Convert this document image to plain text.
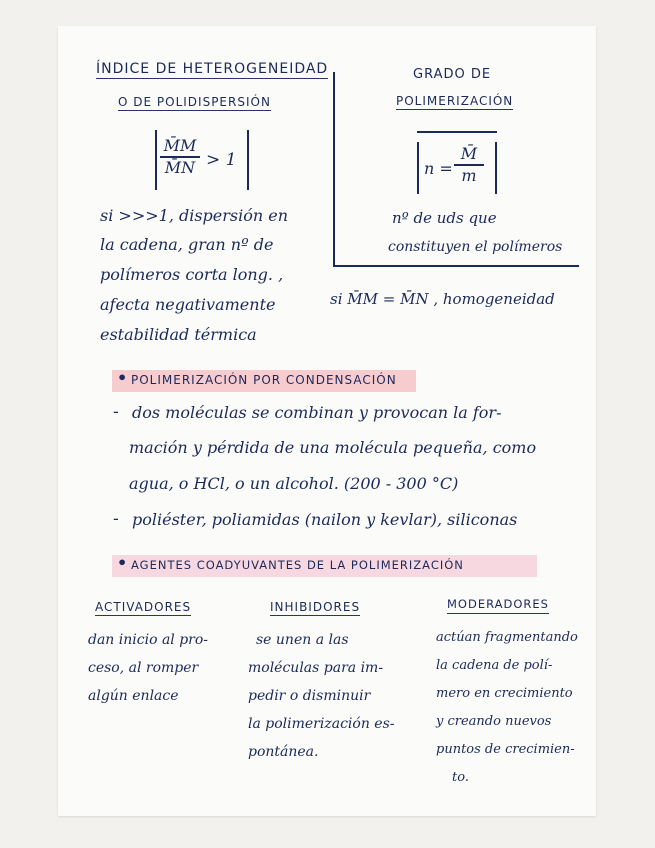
ÍNDICE DE HETEROGENEIDAD
O DE POLIDISPERSIÓN
M̄M
M̄N > 1
si >>>1, dispersión en
la cadena, gran nº de
polímeros corta long. ,
afecta negativamente
estabilidad térmica
GRADO DE
POLIMERIZACIÓN
n =
M̄
m
nº de uds que
constituyen el polímeros
si M̄M = M̄N , homogeneidad
• POLIMERIZACIÓN POR CONDENSACIÓN
- dos moléculas se combinan y provocan la for-
mación y pérdida de una molécula pequeña, como
agua, o HCl, o un alcohol. (200 - 300 °C)
- poliéster, poliamidas (nailon y kevlar), siliconas
• AGENTES COADYUVANTES DE LA POLIMERIZACIÓN
ACTIVADORES
dan inicio al pro-
ceso, al romper
algún enlace
INHIBIDORES
se unen a las
moléculas para im-
pedir o disminuir
la polimerización es-
pontánea.
MODERADORES
actúan fragmentando
la cadena de polí-
mero en crecimiento
y creando nuevos
puntos de crecimien-
to.
